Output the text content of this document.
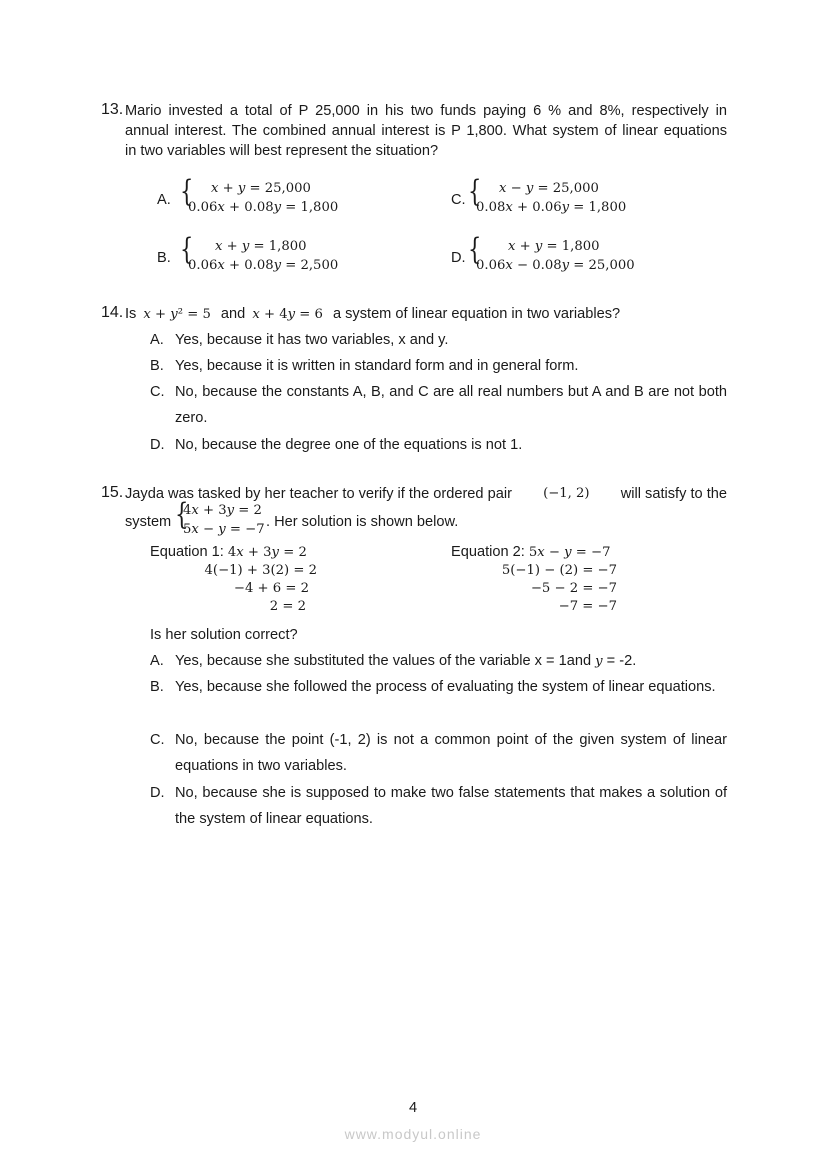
13. Mario invested a total of P 25,000 in his two funds paying 6 % and 8%, respectively in
annual interest. The combined annual interest is P 1,800. What system of linear equations
in two variables will best represent the situation?
A. { 𝑥 + 𝑦 = 25,000
0.06𝑥 + 0.08𝑦 = 1,800	C. { 𝑥 − 𝑦 = 25,000
0.08𝑥 + 0.06𝑦 = 1,800
B. { 𝑥 + 𝑦 = 1,800
0.06𝑥 + 0.08𝑦 = 2,500	D. { 𝑥 + 𝑦 = 1,800
0.06𝑥 − 0.08𝑦 = 25,000
14. Is 𝑥 + 𝑦² = 5 and 𝑥 + 4𝑦 = 6 a system of linear equation in two variables?
A. Yes, because it has two variables, x and y.
B. Yes, because it is written in standard form and in general form.
C. No, because the constants A, B, and C are all real numbers but A and B are not both zero.
D. No, because the degree one of the equations is not 1.
15. Jayda was tasked by her teacher to verify if the ordered pair (−1, 2) will satisfy to the
system {
4𝑥 + 3𝑦 = 2
5𝑥 − 𝑦 = −7 . Her solution is shown below.
Equation 1: 4𝑥 + 3𝑦 = 2
4(−1) + 3(2) = 2
−4 + 6 = 2
2 = 2
Equation 2: 5𝑥 − 𝑦 = −7
5(−1) − (2) = −7
−5 − 2 = −7
−7 = −7
Is her solution correct?
A. Yes, because she substituted the values of the variable x = 1and 𝑦 = -2.
B. Yes, because she followed the process of evaluating the system of linear equations.
C. No, because the point (-1, 2) is not a common point of the given system of linear equations in two variables.
D. No, because she is supposed to make two false statements that makes a solution of the system of linear equations.
4
www.modyul.online
